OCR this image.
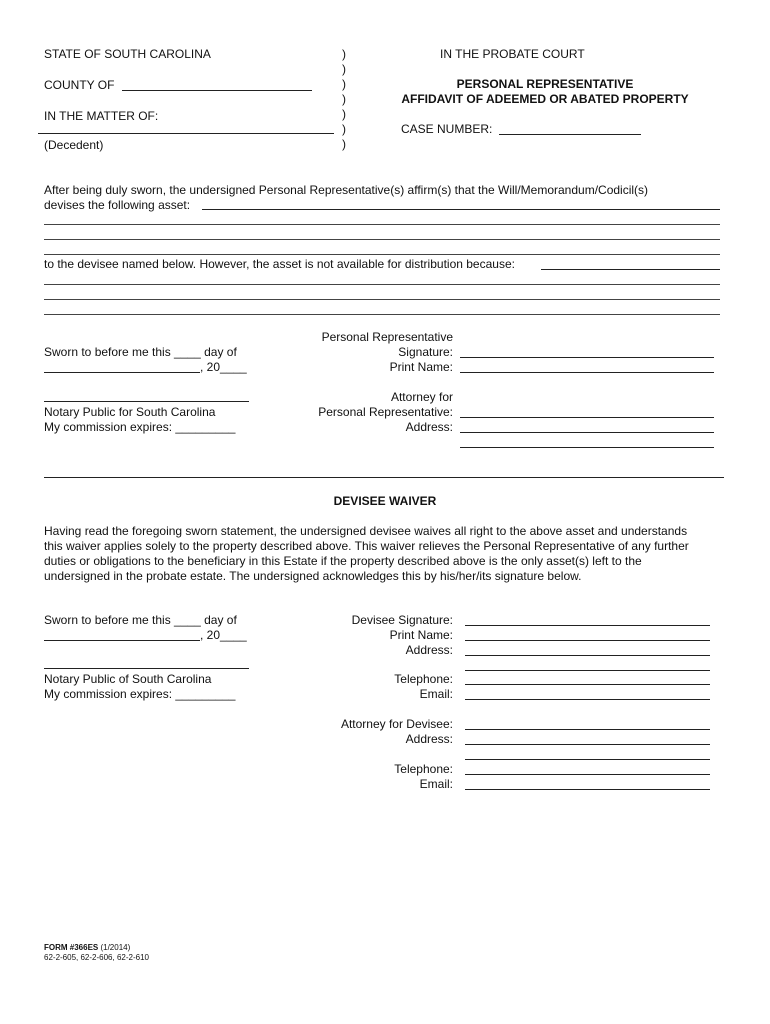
STATE OF SOUTH CAROLINA
COUNTY OF
IN THE MATTER OF:
(Decedent)
)
)
)
)
)
)
)
IN THE PROBATE COURT
PERSONAL REPRESENTATIVE
AFFIDAVIT OF ADEEMED OR ABATED PROPERTY
CASE NUMBER:
After being duly sworn, the undersigned Personal Representative(s) affirm(s) that the Will/Memorandum/Codicil(s)
devises the following asset:
to the devisee named below. However, the asset is not available for distribution because:
Sworn to before me this ____ day of
, 20____
Notary Public for South Carolina
My commission expires: _________
Personal Representative
Signature:
Print Name:
Attorney for
Personal Representative:
Address:
DEVISEE WAIVER
Having read the foregoing sworn statement, the undersigned devisee waives all right to the above asset and understands
this waiver applies solely to the property described above. This waiver relieves the Personal Representative of any further
duties or obligations to the beneficiary in this Estate if the property described above is the only asset(s) left to the
undersigned in the probate estate. The undersigned acknowledges this by his/her/its signature below.
Sworn to before me this ____ day of
, 20____
Notary Public of South Carolina
My commission expires: _________
Devisee Signature:
Print Name:
Address:
Telephone:
Email:
Attorney for Devisee:
Address:
Telephone:
Email:
FORM #366ES (1/2014)
62-2-605, 62-2-606, 62-2-610
